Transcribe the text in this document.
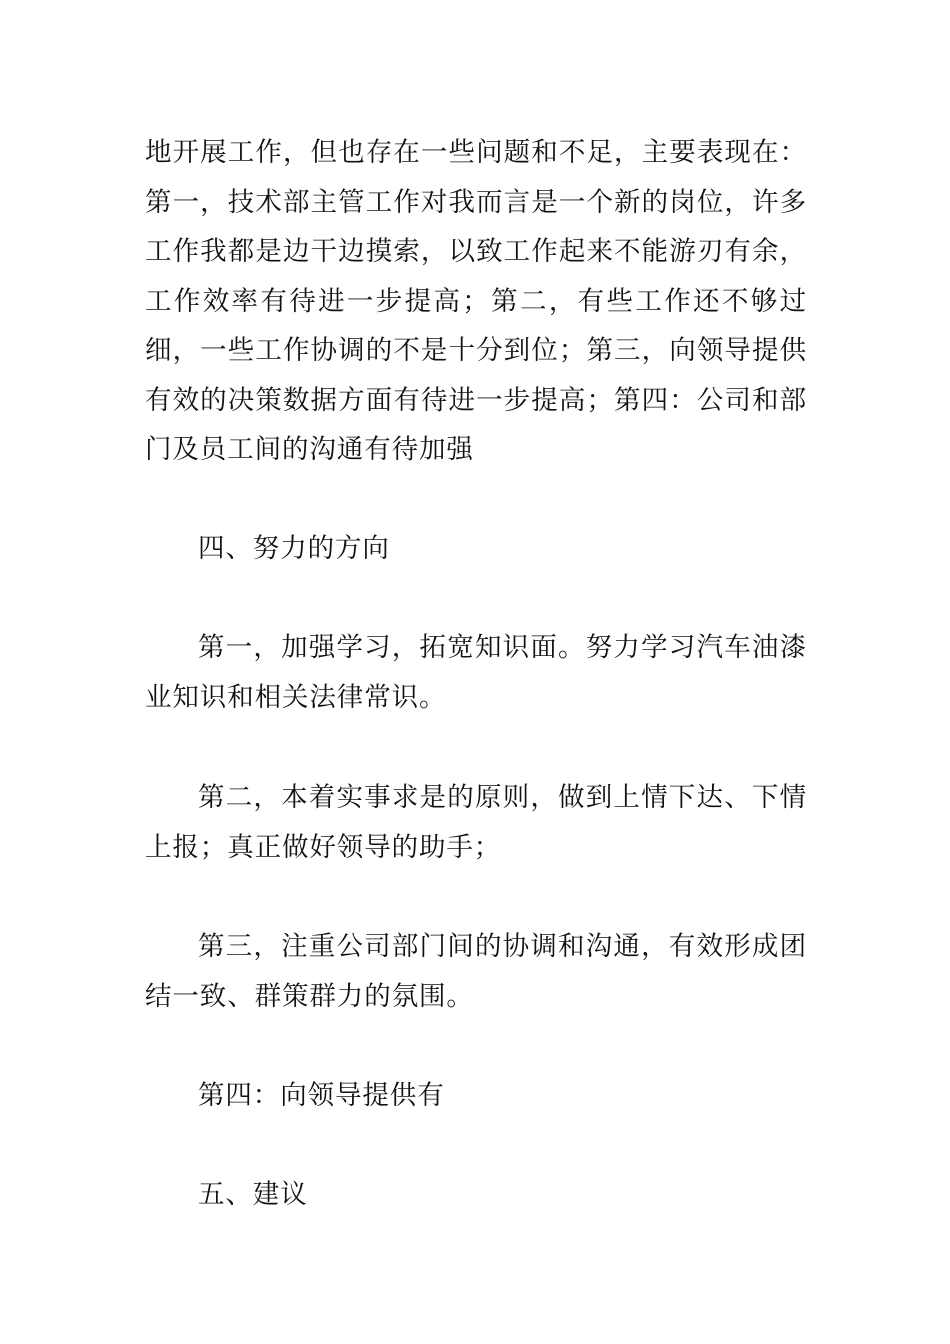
地开展工作，但也存在一些问题和不足，主要表现在：第一，技术部主管工作对我而言是一个新的岗位，许多工作我都是边干边摸索，以致工作起来不能游刃有余，工作效率有待进一步提高；第二，有些工作还不够过细，一些工作协调的不是十分到位；第三，向领导提供有效的决策数据方面有待进一步提高；第四：公司和部门及员工间的沟通有待加强

四、努力的方向

第一，加强学习，拓宽知识面。努力学习汽车油漆业知识和相关法律常识。

第二，本着实事求是的原则，做到上情下达、下情上报；真正做好领导的助手；

第三，注重公司部门间的协调和沟通，有效形成团结一致、群策群力的氛围。

第四：向领导提供有

五、建议
